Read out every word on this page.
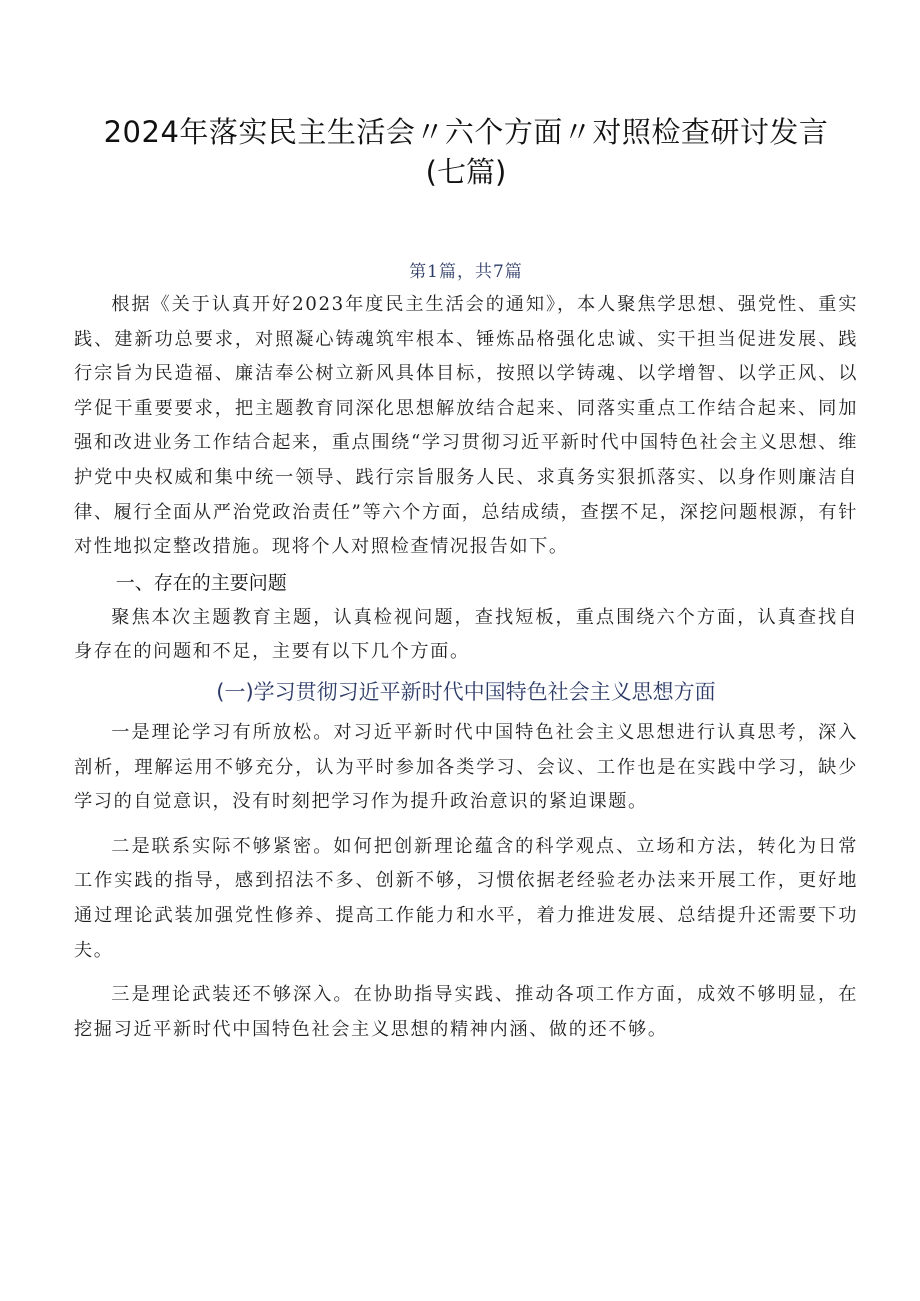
2024年落实民主生活会〃六个方面〃对照检查研讨发言
(七篇)
第1篇，共7篇

根据《关于认真开好2023年度民主生活会的通知》，本人聚焦学思想、强党性、重实践、建新功总要求，对照凝心铸魂筑牢根本、锤炼品格强化忠诚、实干担当促进发展、践行宗旨为民造福、廉洁奉公树立新风具体目标，按照以学铸魂、以学增智、以学正风、以学促干重要要求，把主题教育同深化思想解放结合起来、同落实重点工作结合起来、同加强和改进业务工作结合起来，重点围绕“学习贯彻习近平新时代中国特色社会主义思想、维护党中央权威和集中统一领导、践行宗旨服务人民、求真务实狠抓落实、以身作则廉洁自律、履行全面从严治党政治责任”等六个方面，总结成绩，查摆不足，深挖问题根源，有针对性地拟定整改措施。现将个人对照检查情况报告如下。

一、存在的主要问题

聚焦本次主题教育主题，认真检视问题，查找短板，重点围绕六个方面，认真查找自身存在的问题和不足，主要有以下几个方面。

(一)学习贯彻习近平新时代中国特色社会主义思想方面

一是理论学习有所放松。对习近平新时代中国特色社会主义思想进行认真思考，深入剖析，理解运用不够充分，认为平时参加各类学习、会议、工作也是在实践中学习，缺少学习的自觉意识，没有时刻把学习作为提升政治意识的紧迫课题。

二是联系实际不够紧密。如何把创新理论蕴含的科学观点、立场和方法，转化为日常工作实践的指导，感到招法不多、创新不够，习惯依据老经验老办法来开展工作，更好地通过理论武装加强党性修养、提高工作能力和水平，着力推进发展、总结提升还需要下功夫。

三是理论武装还不够深入。在协助指导实践、推动各项工作方面，成效不够明显，在挖掘习近平新时代中国特色社会主义思想的精神内涵、做的还不够。
